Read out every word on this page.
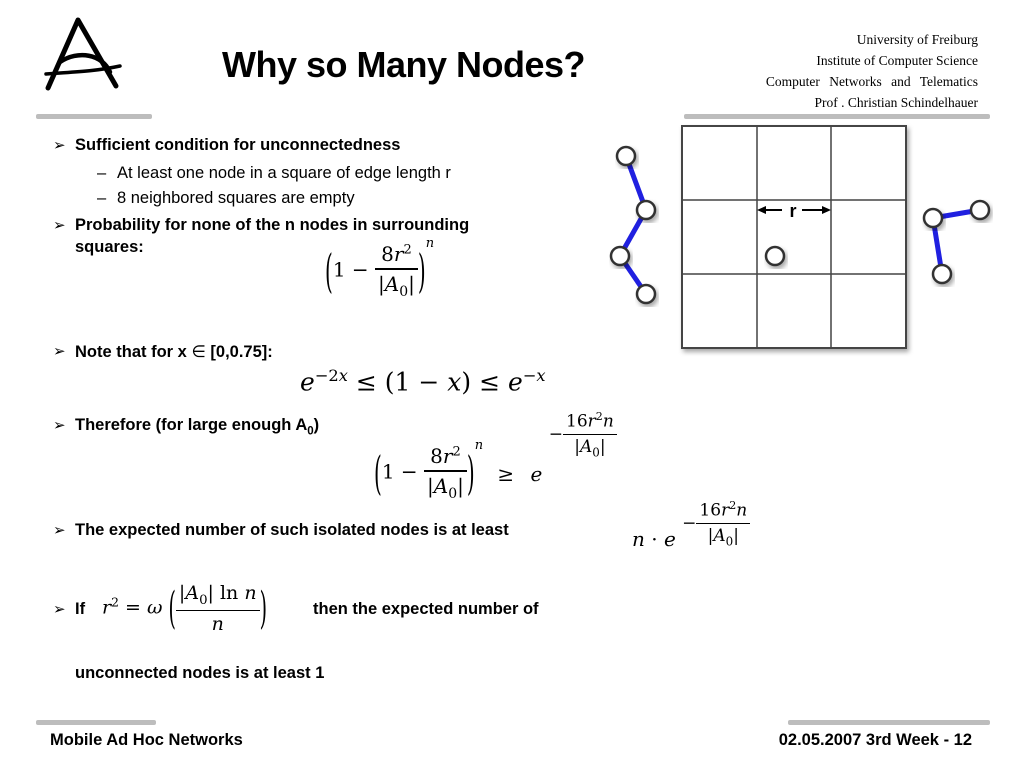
Why so Many Nodes?
University of Freiburg
Institute of Computer Science
Computer Networks and Telematics
Prof . Christian Schindelhauer
➢ Sufficient condition for unconnectedness
– At least one node in a square of edge length r
– 8 neighbored squares are empty
➢ Probability for none of the n nodes in surrounding
squares:	$(1 - \frac{8r^2}{|A_0|} )^n$
➢ Note that for x ∈ [0,0.75]:
$e^{-2x} \le (1 - x) \le e^{-x}$
➢ Therefore (for large enough $A_0$)
$(1 - \frac{8r^2}{|A_0|} )^n \ge e - \frac{16r^2n}{|A_0|}$
➢ The expected number of such isolated nodes is at least	$n \cdot e - \frac{16r^2n}{|A_0|}$
➢ If $r^2 = \omega$ ( $\frac{|A_0| \ln n}{n}$ )	then the expected number of
unconnected nodes is at least 1
r
Mobile Ad Hoc Networks	02.05.2007 3rd Week - 12
